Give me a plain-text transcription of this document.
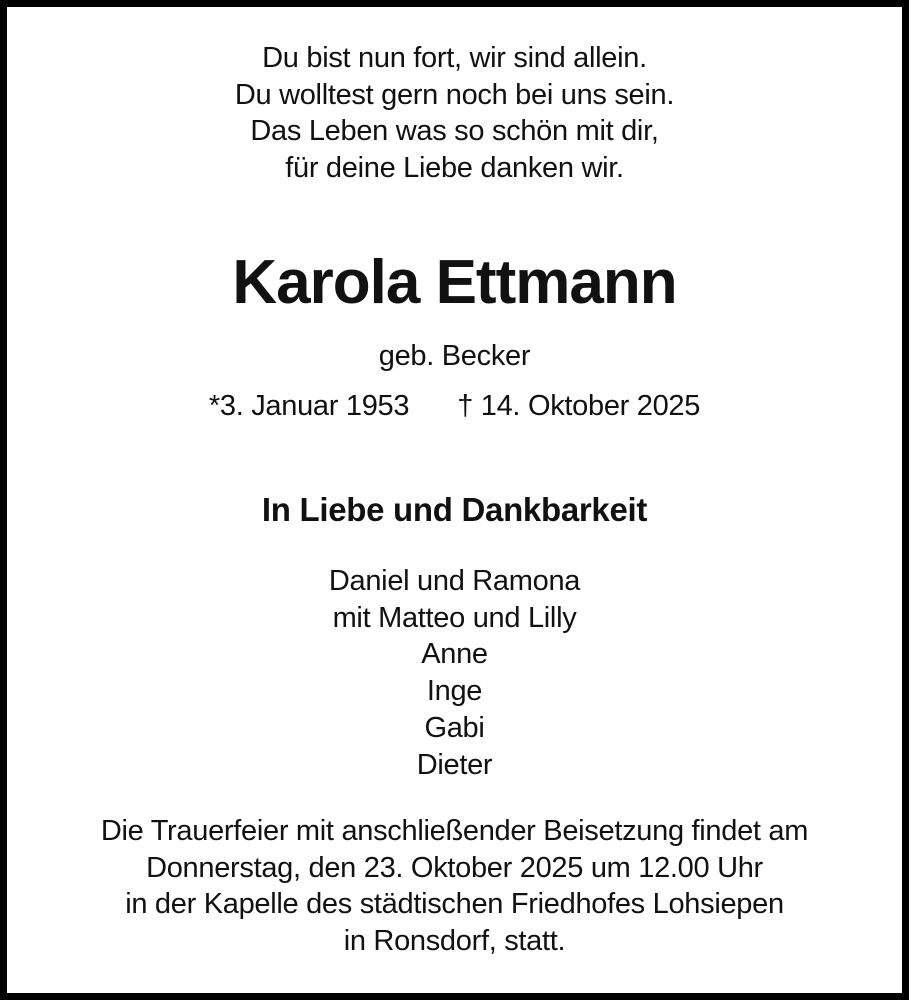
Du bist nun fort, wir sind allein.
Du wolltest gern noch bei uns sein.
Das Leben was so schön mit dir,
für deine Liebe danken wir.
Karola Ettmann
geb. Becker
*3. Januar 1953 † 14. Oktober 2025
In Liebe und Dankbarkeit
Daniel und Ramona
mit Matteo und Lilly
Anne
Inge
Gabi
Dieter
Die Trauerfeier mit anschließender Beisetzung findet am
Donnerstag, den 23. Oktober 2025 um 12.00 Uhr
in der Kapelle des städtischen Friedhofes Lohsiepen
in Ronsdorf, statt.
